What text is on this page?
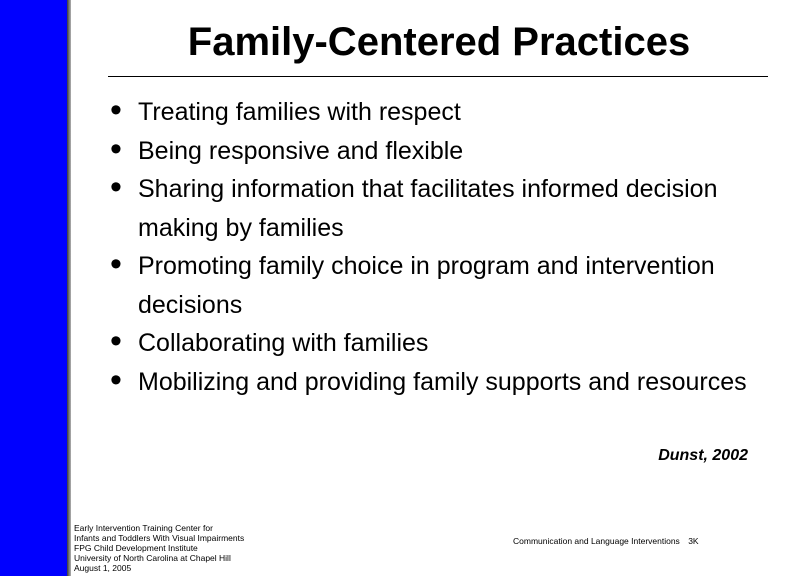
Family-Centered Practices
• Treating families with respect
• Being responsive and flexible
• Sharing information that facilitates informed decision making by families
• Promoting family choice in program and intervention decisions
• Collaborating with families
• Mobilizing and providing family supports and resources
Dunst, 2002
Early Intervention Training Center for
Infants and Toddlers With Visual Impairments
FPG Child Development Institute
University of North Carolina at Chapel Hill
August 1, 2005
Communication and Language Interventions 3K
